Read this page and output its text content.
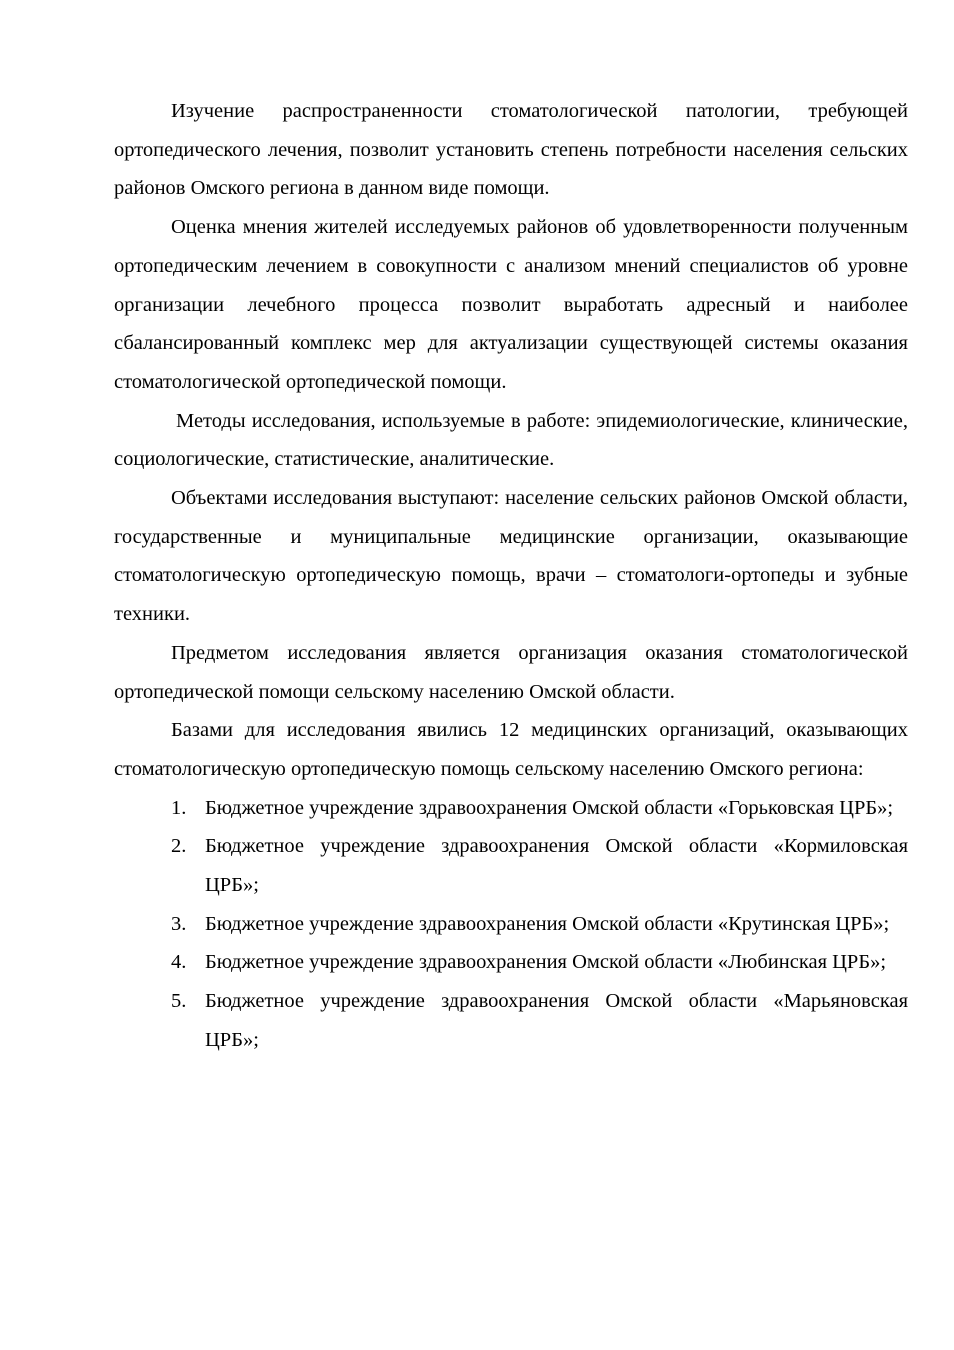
Изучение распространенности стоматологической патологии, требующей ортопедического лечения, позволит установить степень потребности населения сельских районов Омского региона в данном виде помощи.

Оценка мнения жителей исследуемых районов об удовлетворенности полученным ортопедическим лечением в совокупности с анализом мнений специалистов об уровне организации лечебного процесса позволит выработать адресный и наиболее сбалансированный комплекс мер для актуализации существующей системы оказания стоматологической ортопедической помощи.

Методы исследования, используемые в работе: эпидемиологические, клинические, социологические, статистические, аналитические.

Объектами исследования выступают: население сельских районов Омской области, государственные и муниципальные медицинские организации, оказывающие стоматологическую ортопедическую помощь, врачи – стоматологи-ортопеды и зубные техники.

Предметом исследования является организация оказания стоматологической ортопедической помощи сельскому населению Омской области.

Базами для исследования явились 12 медицинских организаций, оказывающих стоматологическую ортопедическую помощь сельскому населению Омского региона:

1. Бюджетное учреждение здравоохранения Омской области «Горьковская ЦРБ»;
2. Бюджетное учреждение здравоохранения Омской области «Кормиловская ЦРБ»;
3. Бюджетное учреждение здравоохранения Омской области «Крутинская ЦРБ»;
4. Бюджетное учреждение здравоохранения Омской области «Любинская ЦРБ»;
5. Бюджетное учреждение здравоохранения Омской области «Марьяновская ЦРБ»;
